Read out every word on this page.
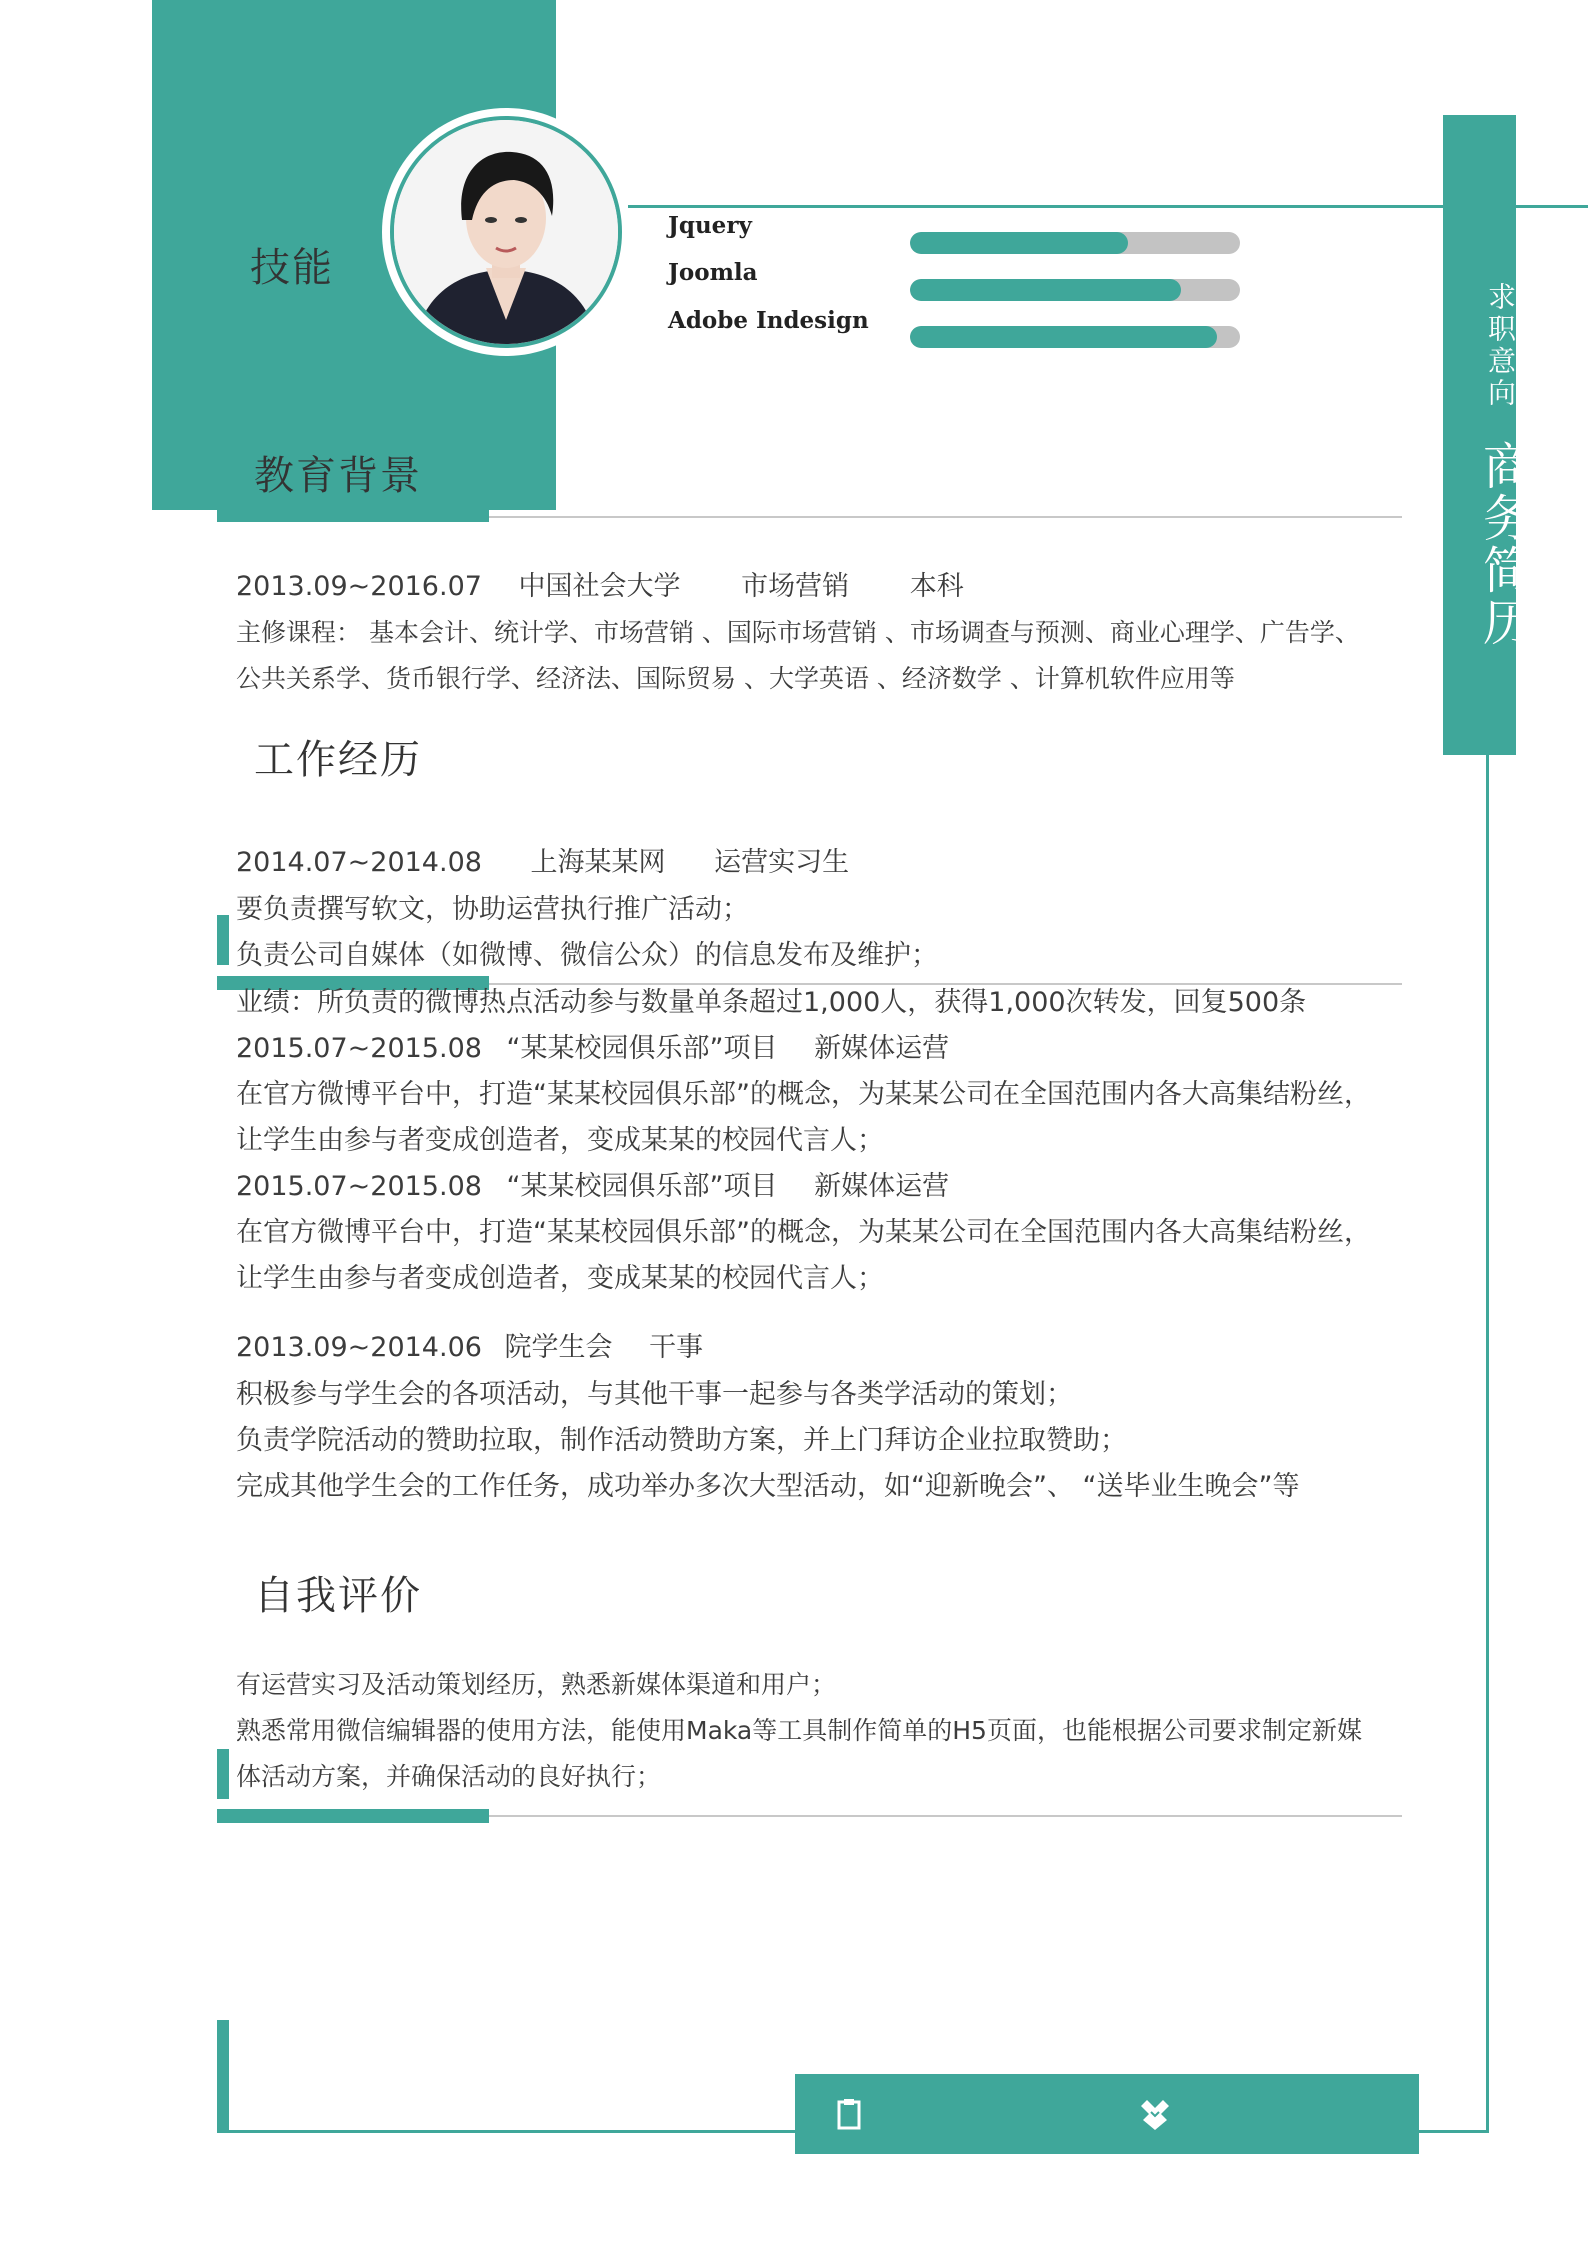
技能
教育背景
Jquery
Joomla
Adobe Indesign	求职意向
商务简历
2013.09~2016.07 中国社会大学 市场营销 本科
主修课程： 基本会计、统计学、市场营销 、国际市场营销 、市场调查与预测、商业心理学、广告学、
公共关系学、货币银行学、经济法、国际贸易 、大学英语 、经济数学 、计算机软件应用等
工作经历
2014.07~2014.08 上海某某网 运营实习生
要负责撰写软文，协助运营执行推广活动；
负责公司自媒体（如微博、微信公众）的信息发布及维护；
业绩：所负责的微博热点活动参与数量单条超过1,000人，获得1,000次转发，回复500条
2015.07~2015.08 “某某校园俱乐部”项目 新媒体运营
在官方微博平台中，打造“某某校园俱乐部”的概念，为某某公司在全国范围内各大高集结粉丝，
让学生由参与者变成创造者，变成某某的校园代言人；
2015.07~2015.08 “某某校园俱乐部”项目 新媒体运营
在官方微博平台中，打造“某某校园俱乐部”的概念，为某某公司在全国范围内各大高集结粉丝，
让学生由参与者变成创造者，变成某某的校园代言人；
2013.09~2014.06 院学生会 干事
积极参与学生会的各项活动，与其他干事一起参与各类学活动的策划；
负责学院活动的赞助拉取，制作活动赞助方案，并上门拜访企业拉取赞助；
完成其他学生会的工作任务，成功举办多次大型活动，如“迎新晚会”、 “送毕业生晚会”等
自我评价
有运营实习及活动策划经历，熟悉新媒体渠道和用户；
熟悉常用微信编辑器的使用方法，能使用Maka等工具制作简单的H5页面，也能根据公司要求制定新媒
体活动方案，并确保活动的良好执行；
